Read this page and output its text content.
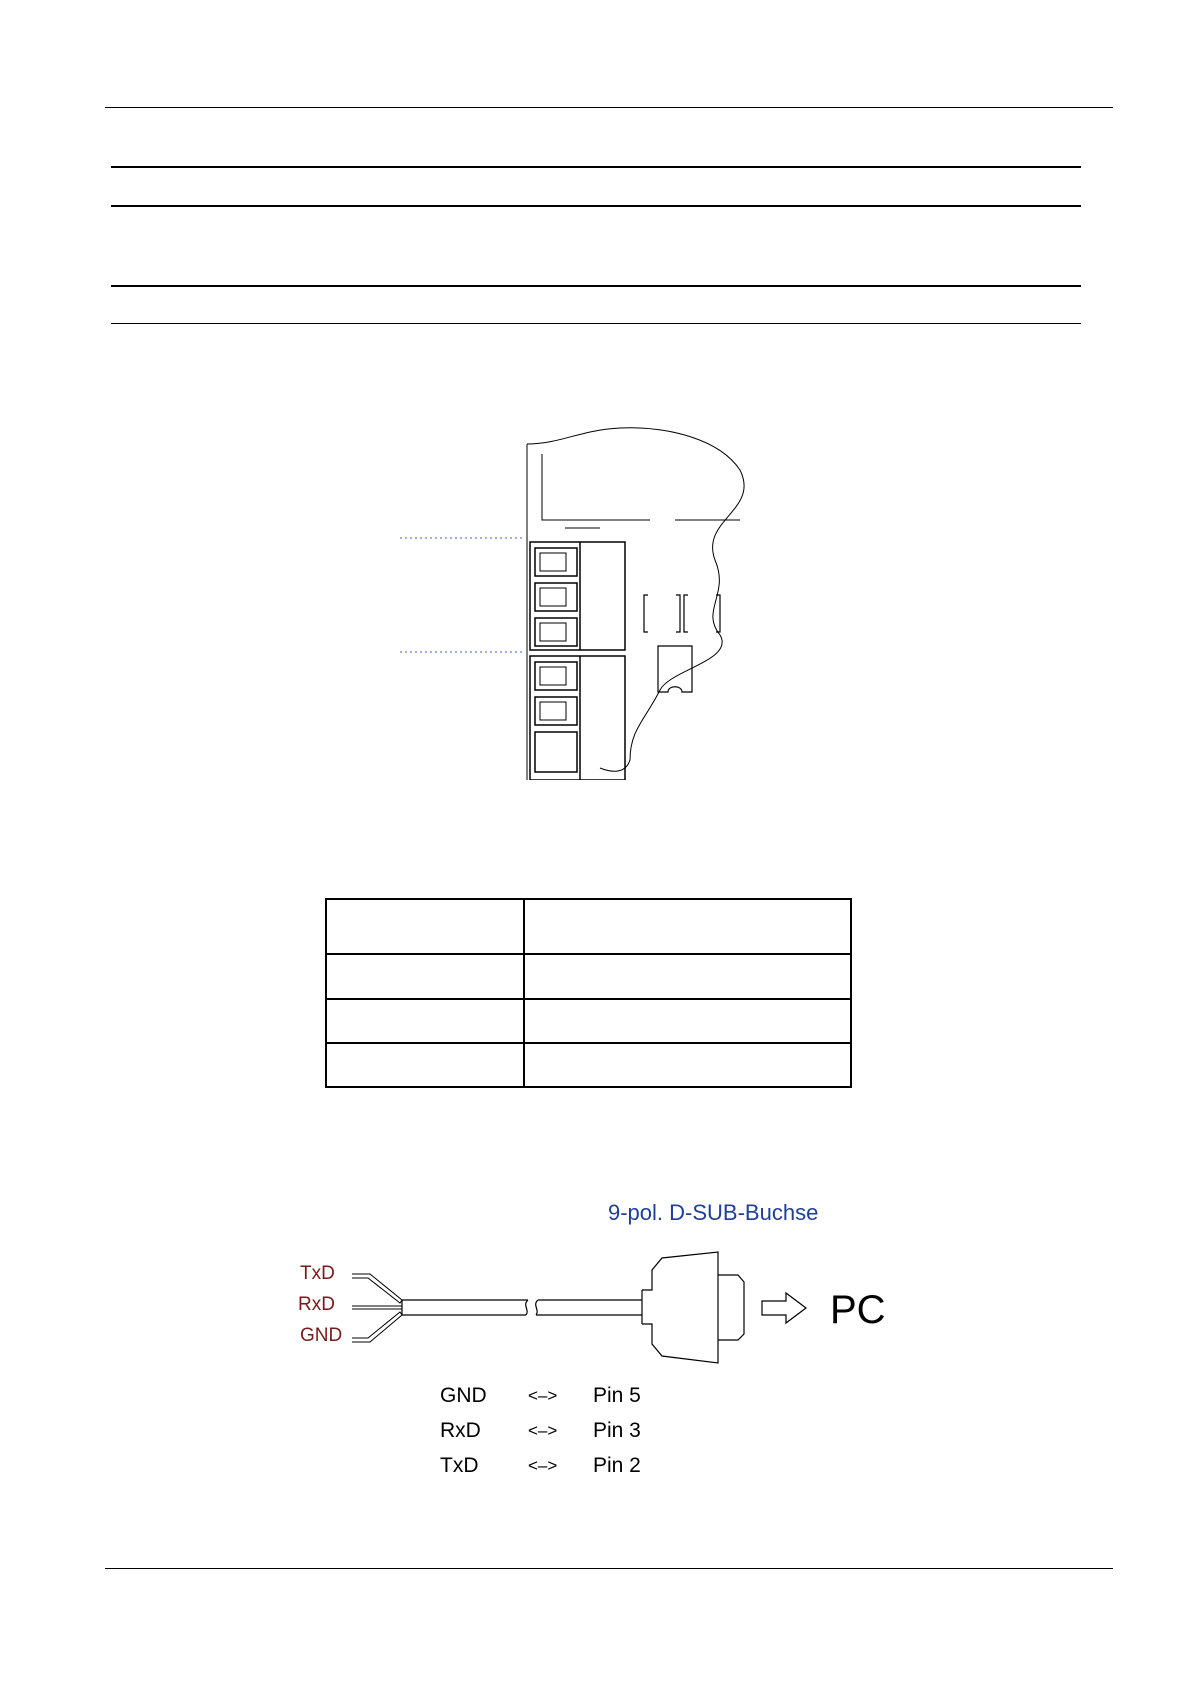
9-pol. D-SUB-Buchse
TxD
RxD
GND
PC
GND	<–>	Pin 5
RxD	<–>	Pin 3
TxD	<–>	Pin 2
